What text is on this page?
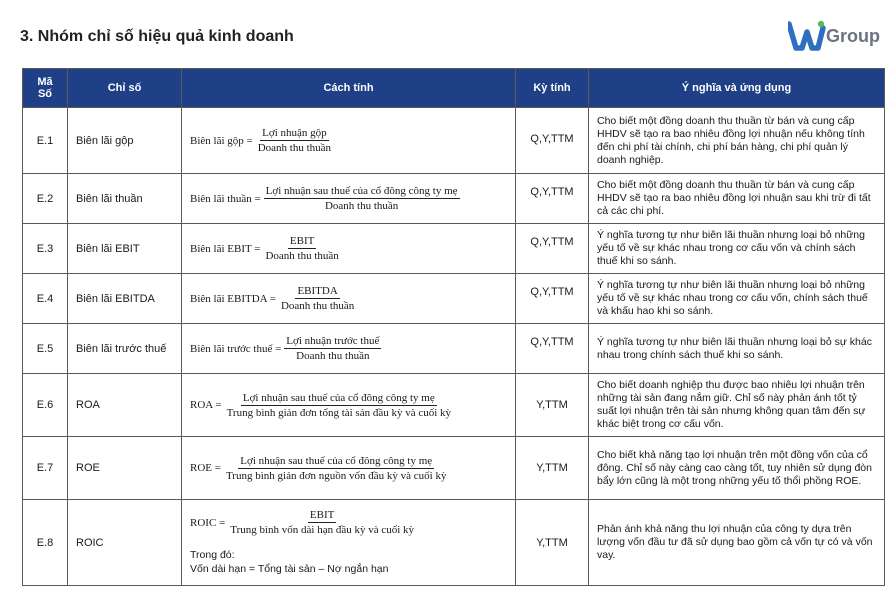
3. Nhóm chỉ số hiệu quả kinh doanh	Group
Mã
Số	Chỉ số	Cách tính	Kỳ tính	Ý nghĩa và ứng dụng
E.1	Biên lãi gộp	Biên lãi gộp = $\frac{\text{Lợi nhuận gộp}}{\text{Doanh thu thuần}}$	Q,Y,TTM	Cho biết một đồng doanh thu thuần từ bán và cung cấp HHDV sẽ tạo ra bao nhiêu đồng lợi nhuận nếu không tính đến chi phí tài chính, chi phí bán hàng, chi phí quản lý doanh nghiệp.
E.2	Biên lãi thuần	Biên lãi thuần = $\frac{\text{Lợi nhuận sau thuế của cổ đông công ty mẹ}}{\text{Doanh thu thuần}}$	Q,Y,TTM	Cho biết một đồng doanh thu thuần từ bán và cung cấp HHDV sẽ tạo ra bao nhiêu đồng lợi nhuận sau khi trừ đi tất cả các chi phí.
E.3	Biên lãi EBIT	Biên lãi EBIT = $\frac{\text{EBIT}}{\text{Doanh thu thuần}}$	Q,Y,TTM	Ý nghĩa tương tự như biên lãi thuần nhưng loại bỏ những yếu tố về sự khác nhau trong cơ cấu vốn và chính sách thuế khi so sánh.
E.4	Biên lãi EBITDA	Biên lãi EBITDA = $\frac{\text{EBITDA}}{\text{Doanh thu thuần}}$	Q,Y,TTM	Ý nghĩa tương tự như biên lãi thuần nhưng loại bỏ những yếu tố về sự khác nhau trong cơ cấu vốn, chính sách thuế và khấu hao khi so sánh.
E.5	Biên lãi trước thuế	Biên lãi trước thuế = $\frac{\text{Lợi nhuận trước thuế}}{\text{Doanh thu thuần}}$	Q,Y,TTM	Ý nghĩa tương tự như biên lãi thuần nhưng loại bỏ sự khác nhau trong chính sách thuế khi so sánh.
E.6	ROA	ROA = $\frac{\text{Lợi nhuận sau thuế của cổ đông công ty mẹ}}{\text{Trung bình giản đơn tổng tài sản đầu kỳ và cuối kỳ}}$	Y,TTM	Cho biết doanh nghiệp thu được bao nhiêu lợi nhuận trên những tài sản đang nắm giữ. Chỉ số này phản ánh tốt tỷ suất lợi nhuận trên tài sản nhưng không quan tâm đến sự khác biệt trong cơ cấu vốn.
E.7	ROE	ROE = $\frac{\text{Lợi nhuận sau thuế của cổ đông công ty mẹ}}{\text{Trung bình giản đơn nguồn vốn đầu kỳ và cuối kỳ}}$	Y,TTM	Cho biết khả năng tạo lợi nhuận trên một đồng vốn của cổ đông. Chỉ số này càng cao càng tốt, tuy nhiên sử dụng đòn bẩy lớn cũng là một trong những yếu tố thổi phồng ROE.
E.8	ROIC	ROIC = $\frac{\text{EBIT}}{\text{Trung bình vốn dài hạn đầu kỳ và cuối kỳ}}$
Trong đó:
Vốn dài hạn = Tổng tài sản – Nợ ngắn hạn	Y,TTM	Phản ánh khả năng thu lợi nhuận của công ty dựa trên lượng vốn đầu tư đã sử dụng bao gồm cả vốn tự có và vốn vay.
